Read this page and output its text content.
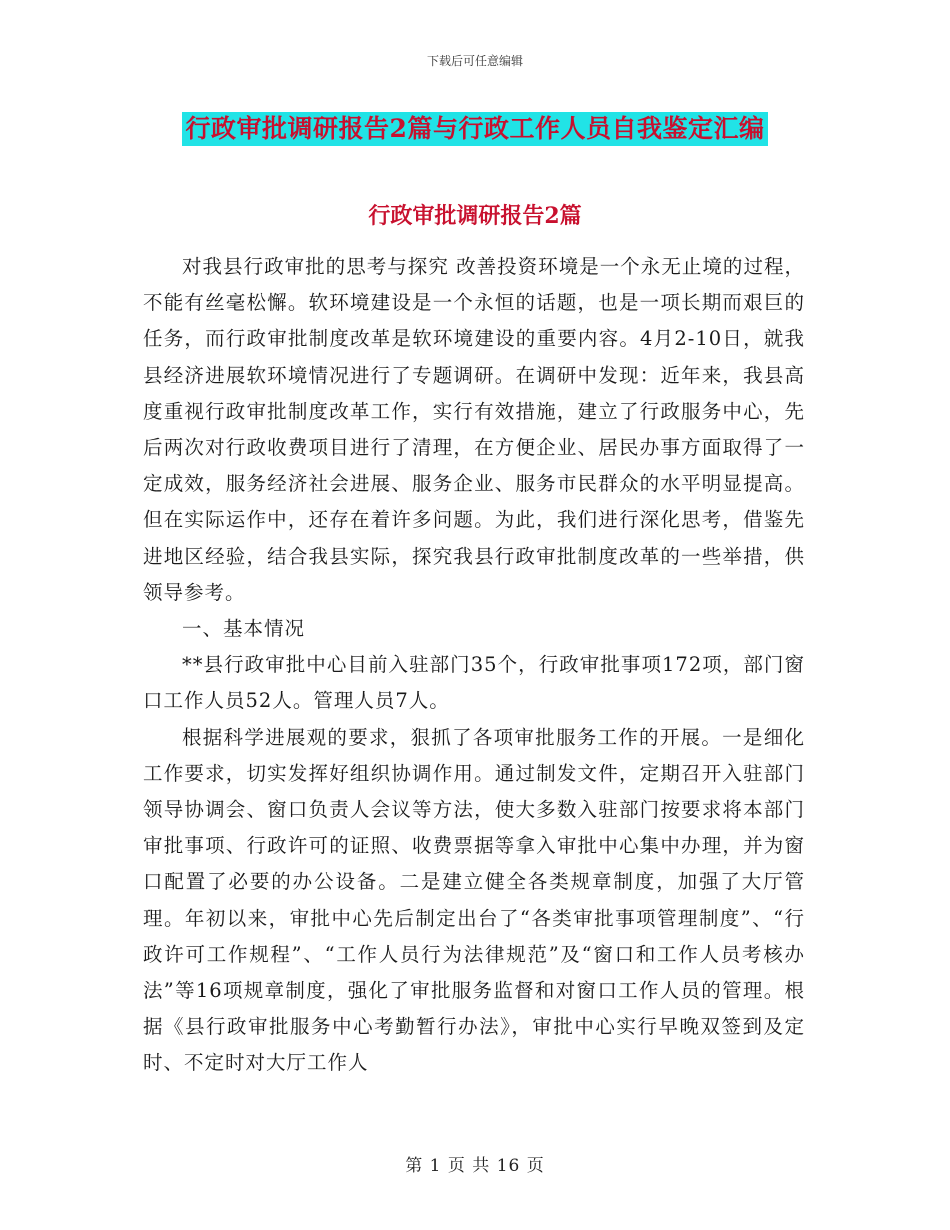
下载后可任意编辑
行政审批调研报告2篇与行政工作人员自我鉴定汇编
行政审批调研报告2篇

对我县行政审批的思考与探究 改善投资环境是一个永无止境的过程，不能有丝毫松懈。软环境建设是一个永恒的话题，也是一项长期而艰巨的任务，而行政审批制度改革是软环境建设的重要内容。4月2-10日，就我县经济进展软环境情况进行了专题调研。在调研中发现：近年来，我县高度重视行政审批制度改革工作，实行有效措施，建立了行政服务中心，先后两次对行政收费项目进行了清理，在方便企业、居民办事方面取得了一定成效，服务经济社会进展、服务企业、服务市民群众的水平明显提高。但在实际运作中，还存在着许多问题。为此，我们进行深化思考，借鉴先进地区经验，结合我县实际，探究我县行政审批制度改革的一些举措，供领导参考。

一、基本情况

**县行政审批中心目前入驻部门35个，行政审批事项172项，部门窗口工作人员52人。管理人员7人。

根据科学进展观的要求，狠抓了各项审批服务工作的开展。一是细化工作要求，切实发挥好组织协调作用。通过制发文件，定期召开入驻部门领导协调会、窗口负责人会议等方法，使大多数入驻部门按要求将本部门审批事项、行政许可的证照、收费票据等拿入审批中心集中办理，并为窗口配置了必要的办公设备。二是建立健全各类规章制度，加强了大厅管理。年初以来，审批中心先后制定出台了“各类审批事项管理制度”、“行政许可工作规程”、“工作人员行为法律规范”及“窗口和工作人员考核办法”等16项规章制度，强化了审批服务监督和对窗口工作人员的管理。根据《县行政审批服务中心考勤暂行办法》，审批中心实行早晚双签到及定时、不定时对大厅工作人

第 1 页 共 16 页
